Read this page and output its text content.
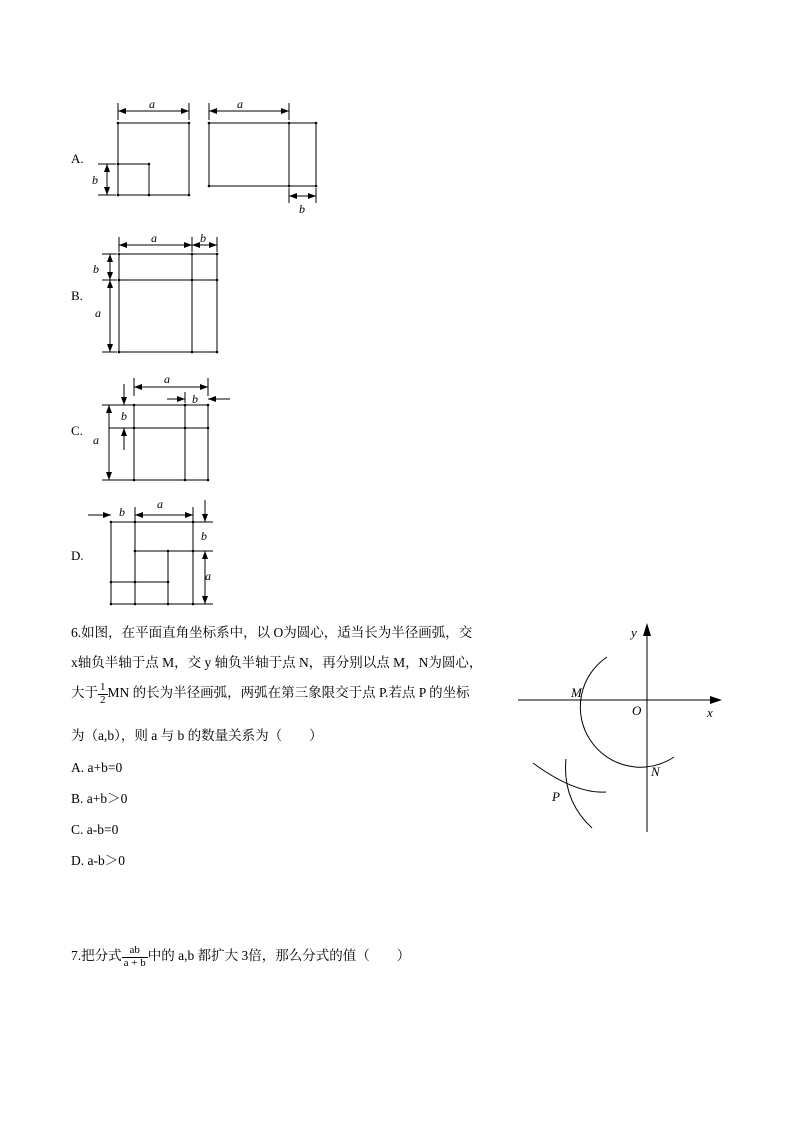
A.
a
b
a
b
B.
a	b
b
a
C.
a
b
b
a
D.
b
a
b
a
6.如图，在平面直角坐标系中，以 O为圆心，适当长为半径画弧，交
x轴负半轴于点 M，交 y 轴负半轴于点 N，再分别以点 M，N为圆心，
大于 $\frac{1}{2}$ MN 的长为半径画弧，两弧在第三象限交于点 P.若点 P 的坐标
为（a,b），则 a 与 b 的数量关系为（　　）
A. a+b=0
B. a+b＞0
C. a-b=0
D. a-b＞0
y
x
O
M
N
P
7.把分式 $\frac{ab}{a + b}$ 中的 a,b 都扩大 3倍，那么分式的值（　　）
